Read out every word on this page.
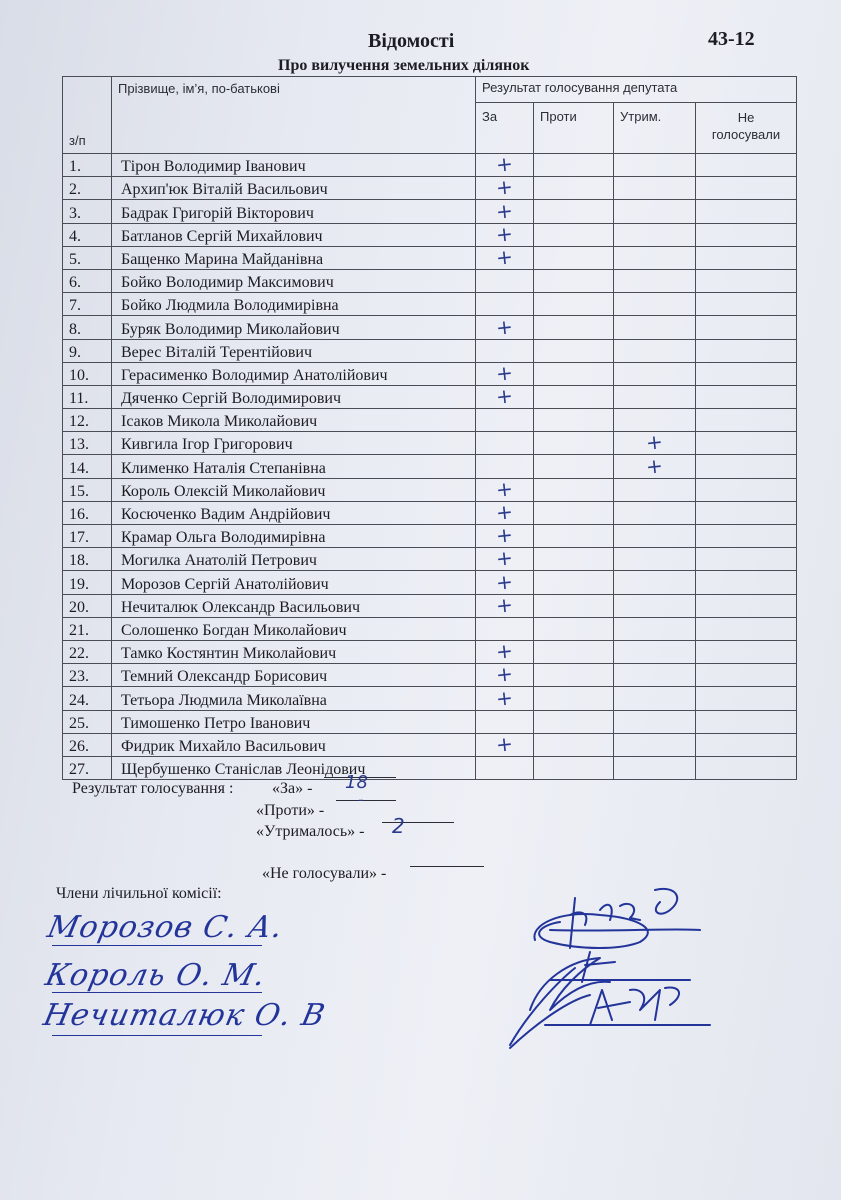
Відомості	43-12
Про вилучення земельних ділянок
з/п	Прізвище, ім’я, по-батькові	Результат голосування депутата			
		За	Проти	Утрим.	Не
голосували
1.	Тірон Володимир Іванович	+			
2.	Архип'юк Віталій Васильович	+			
3.	Бадрак Григорій Вікторович	+			
4.	Батланов Сергій Михайлович	+			
5.	Бащенко Марина Майданівна	+			
6.	Бойко Володимир Максимович				
7.	Бойко Людмила Володимирівна				
8.	Буряк Володимир Миколайович	+			
9.	Верес Віталій Терентійович				
10.	Герасименко Володимир Анатолійович	+			
11.	Дяченко Сергій Володимирович	+			
12.	Ісаков Микола Миколайович				
13.	Кивгила Ігор Григорович			+	
14.	Клименко Наталія Степанівна			+	
15.	Король Олексій Миколайович	+			
16.	Косюченко Вадим Андрійович	+			
17.	Крамар Ольга Володимирівна	+			
18.	Могилка Анатолій Петрович	+			
19.	Морозов Сергій Анатолійович	+			
20.	Нечиталюк Олександр Васильович	+			
21.	Солошенко Богдан Миколайович				
22.	Тамко Костянтин Миколайович	+			
23.	Темний Олександр Борисович	+			
24.	Тетьора Людмила Миколаївна	+			
25.	Тимошенко Петро Іванович				
26.	Фидрик Михайло Васильович	+			
27.	Щербушенко Станіслав Леонідович				
Результат голосування : «За» - 18
«Проти» -
-
«Утрималось» - 2
«Не голосували» -
Члени лічильної комісії:
Морозов С. А.
Король О. М.
Нечиталюк О. В
